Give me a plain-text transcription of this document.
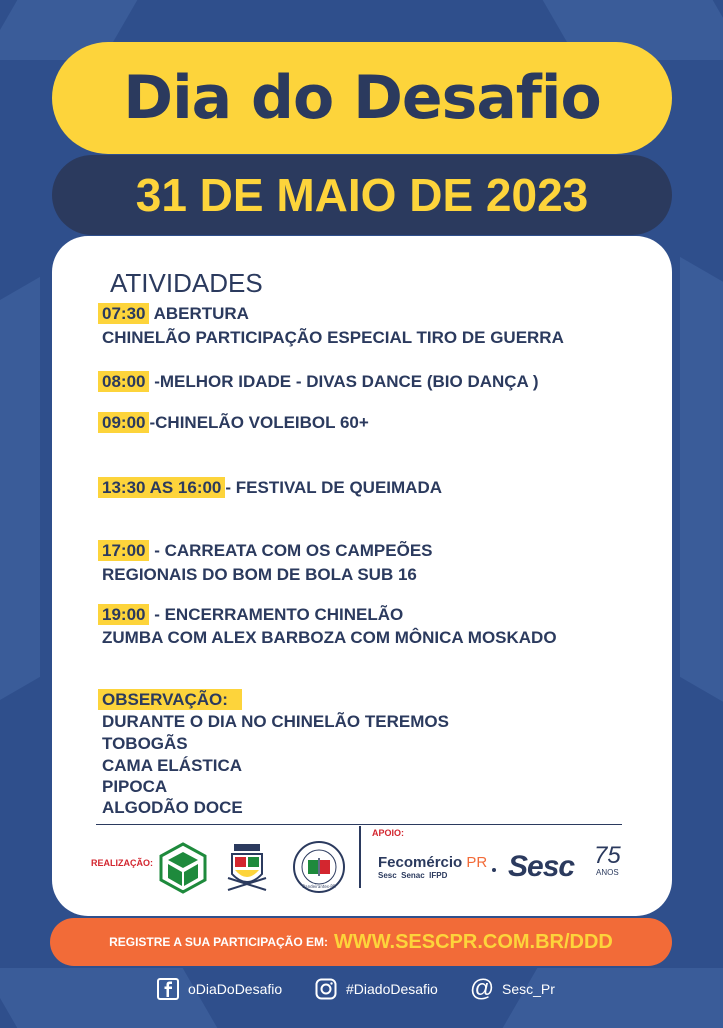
Dia do Desafio
31 DE MAIO DE 2023
ATIVIDADES
07:30 ABERTURA
CHINELÃO PARTICIPAÇÃO ESPECIAL TIRO DE GUERRA
08:00 -MELHOR IDADE - DIVAS DANCE (BIO DANÇA )
09:00 -CHINELÃO VOLEIBOL 60+
13:30 AS 16:00 - FESTIVAL DE QUEIMADA
17:00 - CARREATA COM OS CAMPEÕES
REGIONAIS DO BOM DE BOLA SUB 16
19:00 - ENCERRAMENTO CHINELÃO
ZUMBA COM ALEX BARBOZA COM MÔNICA MOSKADO
OBSERVAÇÃO:
DURANTE O DIA NO CHINELÃO TEREMOS
TOBOGÃS
CAMA ELÁSTICA
PIPOCA
ALGODÃO DOCE
REALIZAÇÃO:
Bandeirantes-PR
APOIO:
Fecomércio PR
Sesc  Senac  IFPD	Sesc 75
ANOS
REGISTRE A SUA PARTICIPAÇÃO EM: WWW.SESCPR.COM.BR/DDD
oDiaDoDesafio	#DiadoDesafio @ Sesc_Pr
